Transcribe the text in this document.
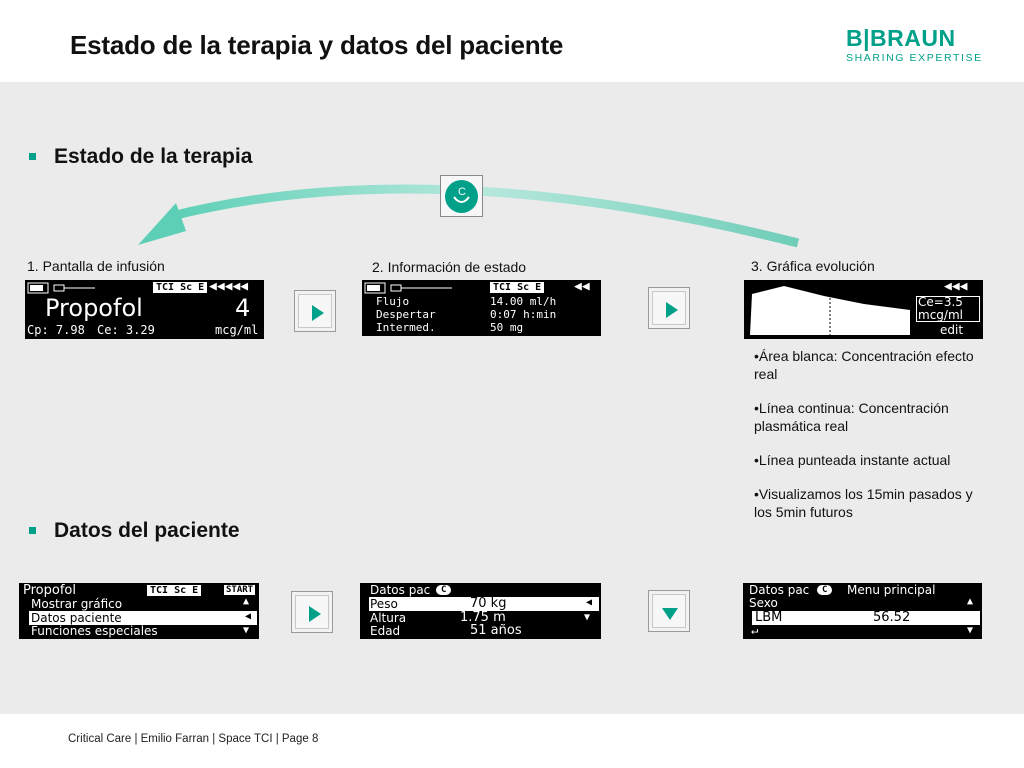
Estado de la terapia y datos del paciente	B|BRAUN
SHARING EXPERTISE
Estado de la terapia
C
1. Pantalla de infusión	2. Información de estado	3. Gráfica evolución
TCI Sc E ◀◀◀◀◀
Propofol	4
Cp: 7.98 Ce: 3.29	mcg/ml
TCI Sc E	◀◀
Flujo	14.00 ml/h
Despertar	0:07 h:min
Intermed.	50 mg
◀◀◀
Ce=3.5
mcg/ml
edit
•Área blanca: Concentración efecto real
•Línea continua: Concentración plasmática real
•Línea punteada instante actual
•Visualizamos los 15min pasados y los 5min futuros
Datos del paciente
Propofol	TCI Sc E	START
Mostrar gráfico
Datos paciente
Funciones especiales
▲
◀
▼
Datos pac	C
Peso	70 kg	◀
Altura	1.75 m	▼
Edad	51 años
Datos pac	C	Menu principal
Sexo	▲
LBM	56.52
▼
↵
Critical Care | Emilio Farran | Space TCI | Page 8
